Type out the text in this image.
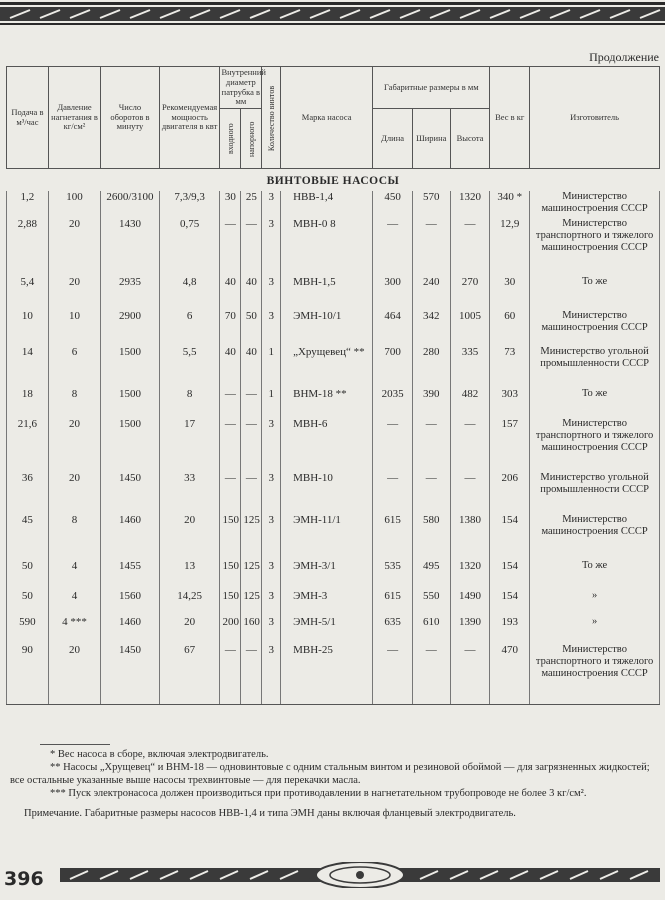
Продолжение
Подача в м³/час	Давление нагнетания в кг/см²	Число оборотов в минуту	Рекомендуемая мощность двигателя в квт	Внутренний диаметр патрубка в мм		Количество винтов	Марка насоса	Габаритные размеры в мм			Вес в кг	Изготовитель
				входного	напорного			Длина	Ширина	Высота		
ВИНТОВЫЕ НАСОСЫ												
1,2	100	2600/3100	7,3/9,3	30	25	3	НВВ-1,4	450	570	1320	340 *	Министерство машиностроения СССР
2,88	20	1430	0,75	—	—	3	МВН-0 8	—	—	—	12,9	Министерство транспортного и тяжелого машиностроения СССР
5,4	20	2935	4,8	40	40	3	МВН-1,5	300	240	270	30	То же
10	10	2900	6	70	50	3	ЭМН-10/1	464	342	1005	60	Министерство машиностроения СССР
14	6	1500	5,5	40	40	1	„Хрущевец“ **	700	280	335	73	Министерство угольной промышленности СССР
18	8	1500	8	—	—	1	ВНМ-18 **	2035	390	482	303	То же
21,6	20	1500	17	—	—	3	МВН-6	—	—	—	157	Министерство транспортного и тяжелого машиностроения СССР
36	20	1450	33	—	—	3	МВН-10	—	—	—	206	Министерство угольной промышленности СССР
45	8	1460	20	150	125	3	ЭМН-11/1	615	580	1380	154	Министерство машиностроения СССР
50	4	1455	13	150	125	3	ЭМН-3/1	535	495	1320	154	То же
50	4	1560	14,25	150	125	3	ЭМН-3	615	550	1490	154	»
590	4 ***	1460	20	200	160	3	ЭМН-5/1	635	610	1390	193	»
90	20	1450	67	—	—	3	МВН-25	—	—	—	470	Министерство транспортного и тяжелого машиностроения СССР

* Вес насоса в сборе, включая электродвигатель.

** Насосы „Хрущевец“ и ВНМ-18 — одновинтовые с одним стальным винтом и резиновой обоймой — для загрязненных жидкостей; все остальные указанные выше насосы трехвинтовые — для перекачки масла.

*** Пуск электронасоса должен производиться при противодавлении в нагнетательном трубопроводе не более 3 кг/см².

Примечание. Габаритные размеры насосов НВВ-1,4 и типа ЭМН даны включая фланцевый электродвигатель.

396
